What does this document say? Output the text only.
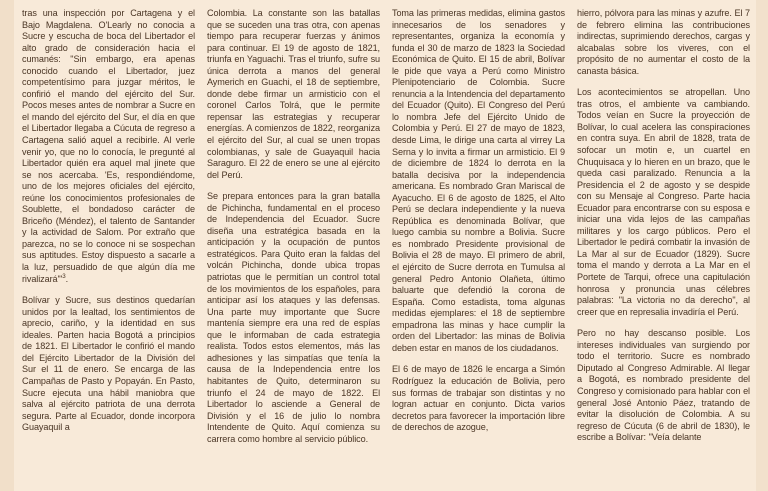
tras una inspección por Cartagena y el Bajo Magdalena. O'Learly no conocia a Sucre y escucha de boca del Libertador el alto grado de consideración hacia el cumanés: "Sin embargo, era apenas conocido cuando el Libertador, juez competentísimo para juzgar méritos, le confirió el mando del ejército del Sur. Pocos meses antes de nombrar a Sucre en el mando del ejército del Sur, el día en que el Libertador llegaba a Cúcuta de regreso a Cartagena salió aquel a recibirle. Al verle venir yo, que no lo conocía, le pregunté al Libertador quién era aquel mal jinete que se nos acercaba. 'Es, respondiéndome, uno de los mejores oficiales del ejército, reúne los conocimientos profesionales de Soublette, el bondadoso carácter de Briceño (Méndez), el talento de Santander y la actividad de Salom. Por extraño que parezca, no se lo conoce ni se sospechan sus aptitudes. Estoy dispuesto a sacarle a la luz, persuadido de que algún día me rivalizará'"$^3$.

Bolívar y Sucre, sus destinos quedarían unidos por la lealtad, los sentimientos de aprecio, cariño, y la identidad en sus ideales. Parten hacia Bogotá a principios de 1821. El Libertador le confirió el mando del Ejército Libertador de la División del Sur el 11 de enero. Se encarga de las Campañas de Pasto y Popayán. En Pasto, Sucre ejecuta una hábil maniobra que salva al ejército patriota de una derrota segura. Parte al Ecuador, donde incorpora Guayaquil a

Colombia. La constante son las batallas que se suceden una tras otra, con apenas tiempo para recuperar fuerzas y ánimos para continuar. El 19 de agosto de 1821, triunfa en Yaguachi. Tras el triunfo, sufre su única derrota a manos del general Aymerich en Guachi, el 18 de septiembre, donde debe firmar un armisticio con el coronel Carlos Tolrá, que le permite repensar las estrategias y recuperar energías. A comienzos de 1822, reorganiza el ejército del Sur, al cual se unen tropas colombianas, y sale de Guayaquil hacia Saraguro. El 22 de enero se une al ejército del Perú.

Se prepara entonces para la gran batalla de Pichincha, fundamental en el proceso de Independencia del Ecuador. Sucre diseña una estratégica basada en la anticipación y la ocupación de puntos estratégicos. Para Quito eran la faldas del volcán Pichincha, donde ubica tropas patriotas que le permitían un control total de los movimientos de los españoles, para anticipar así los ataques y las defensas. Una parte muy importante que Sucre mantenía siempre era una red de espías que le informaban de cada estrategia realista. Todos estos elementos, más las adhesiones y las simpatías que tenía la causa de la Independencia entre los habitantes de Quito, determinaron su triunfo el 24 de mayo de 1822. El Libertador lo asciende a General de División y el 16 de julio lo nombra Intendente de Quito. Aquí comienza su carrera como hombre al servicio público.

Toma las primeras medidas, elimina gastos innecesarios de los senadores y representantes, organiza la economía y funda el 30 de marzo de 1823 la Sociedad Económica de Quito. El 15 de abril, Bolívar le pide que vaya a Perú como Ministro Plenipotenciario de Colombia. Sucre renuncia a la Intendencia del departamento del Ecuador (Quito). El Congreso del Perú lo nombra Jefe del Ejército Unido de Colombia y Perú. El 27 de mayo de 1823, desde Lima, le dirige una carta al virrey La Serna y lo invita a firmar un armisticio. El 9 de diciembre de 1824 lo derrota en la batalla decisiva por la independencia americana. Es nombrado Gran Mariscal de Ayacucho. El 6 de agosto de 1825, el Alto Perú se declara independiente y la nueva República es denominada Bolívar, que luego cambia su nombre a Bolivia. Sucre es nombrado Presidente provisional de Bolivia el 28 de mayo. El primero de abril, el ejército de Sucre derrota en Tumulsa al general Pedro Antonio Olañeta, último baluarte que defendió la corona de España. Como estadista, toma algunas medidas ejemplares: el 18 de septiembre empadrona las minas y hace cumplir la orden del Libertador: las minas de Bolivia deben estar en manos de los ciudadanos.

El 6 de mayo de 1826 le encarga a Simón Rodríguez la educación de Bolivia, pero sus formas de trabajar son distintas y no logran actuar en conjunto. Dicta varios decretos para favorecer la importación libre de derechos de azogue,

hierro, pólvora para las minas y azufre. El 7 de febrero elimina las contribuciones indirectas, suprimiendo derechos, cargas y alcabalas sobre los viveres, con el propósito de no aumentar el costo de la canasta básica.

Los acontecimientos se atropellan. Uno tras otros, el ambiente va cambiando. Todos veían en Sucre la proyección de Bolívar, lo cual acelera las conspiraciones en contra suya. En abril de 1828, trata de sofocar un motin e, un cuartel en Chuquisaca y lo hieren en un brazo, que le queda casi paralizado. Renuncia a la Presidencia el 2 de agosto y se despide con su Mensaje al Congreso. Parte hacia Ecuador para encontrarse con su esposa e iniciar una vida lejos de las campañas militares y los cargo públicos. Pero el Libertador le pedirá combatir la invasión de La Mar al sur de Ecuador (1829). Sucre toma el mando y derrota a La Mar en el Portete de Tarqui, ofrece una capitulación honrosa y pronuncia unas célebres palabras: "La victoria no da derecho", al creer que en represalia invadiría el Perú.

Pero no hay descanso posible. Los intereses individuales van surgiendo por todo el territorio. Sucre es nombrado Diputado al Congreso Admirable. Al llegar a Bogotá, es nombrado presidente del Congreso y comisionado para hablar con el general José Antonio Páez, tratando de evitar la disolución de Colombia. A su regreso de Cúcuta (6 de abril de 1830), le escribe a Bolívar: "Veía delante
